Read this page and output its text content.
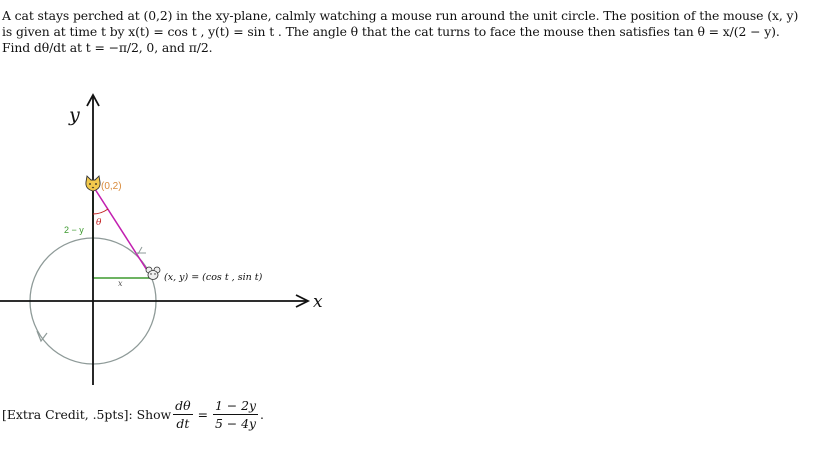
A cat stays perched at (0,2) in the xy-plane, calmly watching a mouse run around the unit circle. The position of the mouse (x, y)
is given at time t by x(t) = cos t , y(t) = sin t . The angle θ that the cat turns to face the mouse then satisfies tan θ = x/(2 − y).
Find dθ/dt at t = −π/2, 0, and π/2.
y
x
(0,2)
(x, y) = (cos t , sin t)
2 − y
x
θ
[Extra Credit, .5pts]: Show $\frac{d\theta}{dt} = \frac{1 - 2y}{5 - 4y}$ .
